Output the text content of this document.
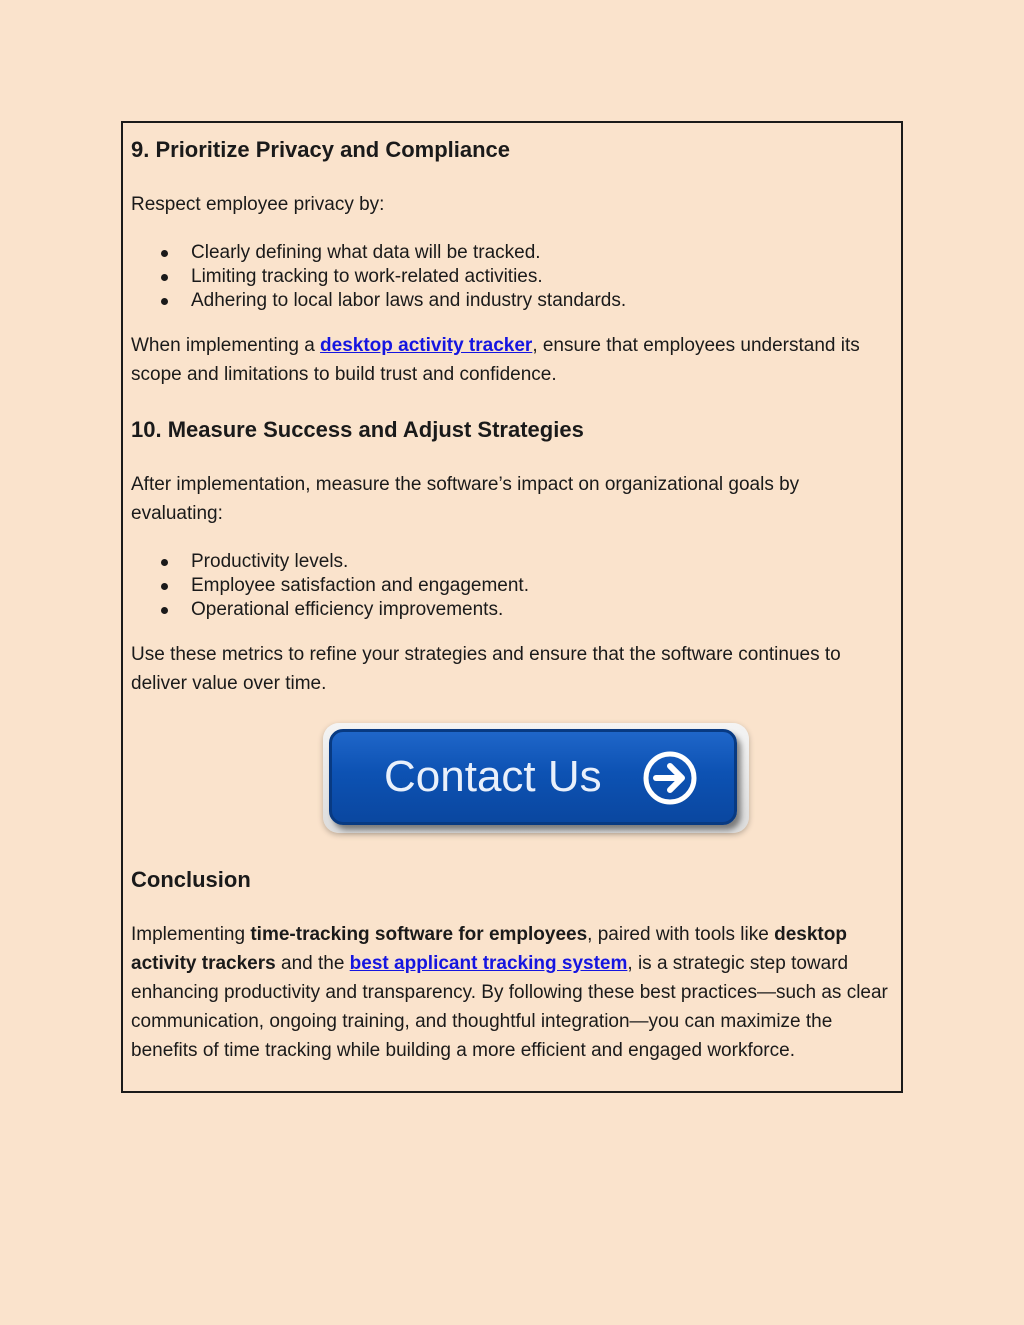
9. Prioritize Privacy and Compliance

Respect employee privacy by:

Clearly defining what data will be tracked.
Limiting tracking to work-related activities.
Adhering to local labor laws and industry standards.

When implementing a desktop activity tracker, ensure that employees understand its scope and limitations to build trust and confidence.

10. Measure Success and Adjust Strategies

After implementation, measure the software’s impact on organizational goals by evaluating:

Productivity levels.
Employee satisfaction and engagement.
Operational efficiency improvements.

Use these metrics to refine your strategies and ensure that the software continues to deliver value over time.

Contact Us
Conclusion

Implementing time-tracking software for employees, paired with tools like desktop activity trackers and the best applicant tracking system, is a strategic step toward enhancing productivity and transparency. By following these best practices—such as clear communication, ongoing training, and thoughtful integration—you can maximize the benefits of time tracking while building a more efficient and engaged workforce.
